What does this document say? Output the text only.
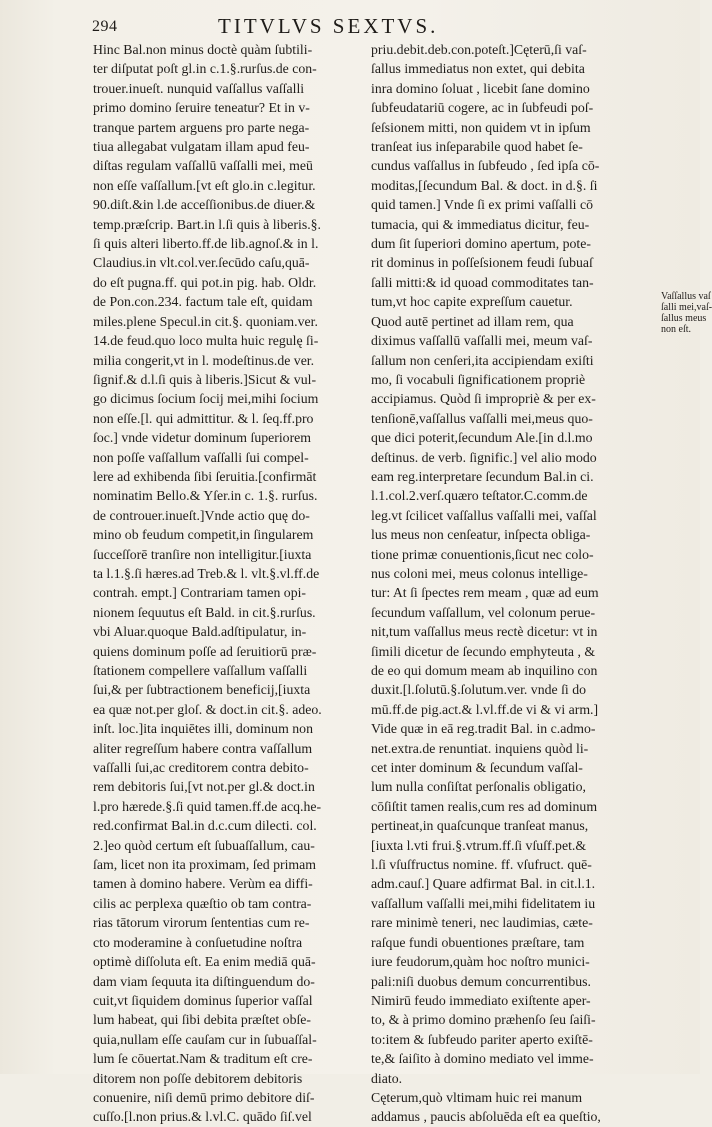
294	TITVLVS SEXTVS.
Hinc Bal.non minus doctè quàm ſubtili-
ter diſputat poſt gl.in c.1.§.rurſus.de con-
trouer.inueſt. nunquid vaſſallus vaſſalli
primo domino ſeruire teneatur? Et in v-
tranque partem arguens pro parte nega-
tiua allegabat vulgatam illam apud feu-
diſtas regulam vaſſallū vaſſalli mei, meū
non eſſe vaſſallum.[vt eſt glo.in c.legitur.
90.diſt.&in l.de acceſſionibus.de diuer.&
temp.præſcrip. Bart.in l.ſi quis à liberis.§.
ſi quis alteri liberto.ff.de lib.agnoſ.& in l.
Claudius.in vlt.col.ver.ſecūdo caſu,quā-
do eſt pugna.ff. qui pot.in pig. hab. Oldr.
de Pon.con.234. factum tale eſt, quidam
miles.plene Specul.in cit.§. quoniam.ver.
14.de feud.quo loco multa huic regulę ſi-
milia congerit,vt in l. modeſtinus.de ver.
ſignif.& d.l.ſi quis à liberis.]Sicut & vul-
go dicimus ſocium ſocij mei,mihi ſocium
non eſſe.[l. qui admittitur. & l. ſeq.ff.pro
ſoc.] vnde videtur dominum ſuperiorem
non poſſe vaſſallum vaſſalli ſui compel-
lere ad exhibenda ſibi ſeruitia.[confirmāt
nominatim Bello.& Yſer.in c. 1.§. rurſus.
de controuer.inueſt.]Vnde actio quę do-
mino ob feudum competit,in ſingularem
ſucceſſorē tranſire non intelligitur.[iuxta
ta l.1.§.ſi hæres.ad Treb.& l. vlt.§.vl.ff.de
contrah. empt.] Contrariam tamen opi-
nionem ſequutus eſt Bald. in cit.§.rurſus.
vbi Aluar.quoque Bald.adſtipulatur, in-
quiens dominum poſſe ad ſeruitiorū præ-
ſtationem compellere vaſſallum vaſſalli
ſui,& per ſubtractionem beneficij,[iuxta
ea quæ not.per gloſ. & doct.in cit.§. adeo.
inſt. loc.]ita inquiētes illi, dominum non
aliter regreſſum habere contra vaſſallum
vaſſalli ſui,ac creditorem contra debito-
rem debitoris ſui,[vt not.per gl.& doct.in
l.pro hærede.§.ſi quid tamen.ff.de acq.he-
red.confirmat Bal.in d.c.cum dilecti. col.
2.]eo quòd certum eſt ſubuaſſallum, cau-
ſam, licet non ita proximam, ſed primam
tamen à domino habere. Verùm ea diffi-
cilis ac perplexa quæſtio ob tam contra-
rias tātorum virorum ſententias cum re-
cto moderamine à conſuetudine noſtra
optimè diſſoluta eſt. Ea enim mediā quā-
dam viam ſequuta ita diſtinguendum do-
cuit,vt ſiquidem dominus ſuperior vaſſal
lum habeat, qui ſibi debita præſtet obſe-
quia,nullam eſſe cauſam cur in ſubuaſſal-
lum ſe cōuertat.Nam & traditum eſt cre-
ditorem non poſſe debitorem debitoris
conuenire, niſi demū primo debitore diſ-
cuſſo.[l.non prius.& l.vl.C. quādo ſiſ.vel
priu.debit.deb.con.poteſt.]Cęterū,ſi vaſ-
ſallus immediatus non extet, qui debita
inra domino ſoluat , licebit ſane domino
ſubfeudatariū cogere, ac in ſubfeudi poſ-
ſeſsionem mitti, non quidem vt in ipſum
tranſeat ius inſeparabile quod habet ſe-
cundus vaſſallus in ſubfeudo , ſed ipſa cō-
moditas,[ſecundum Bal. & doct. in d.§. ſi
quid tamen.] Vnde ſi ex primi vaſſalli cō
tumacia, qui & immediatus dicitur, feu-
dum ſit ſuperiori domino apertum, pote-
rit dominus in poſſeſsionem feudi ſubuaſ
ſalli mitti:& id quoad commoditates tan-
tum,vt hoc capite expreſſum cauetur.
Quod autē pertinet ad illam rem, qua
diximus vaſſallū vaſſalli mei, meum vaſ-
ſallum non cenſeri,ita accipiendam exiſti
mo, ſi vocabuli ſignificationem propriè
accipiamus. Quòd ſi impropriè & per ex-
tenſionē,vaſſallus vaſſalli mei,meus quo-
que dici poterit,ſecundum Ale.[in d.l.mo
deſtinus. de verb. ſignific.] vel alio modo
eam reg.interpretare ſecundum Bal.in ci.
l.1.col.2.verſ.quæro teſtator.C.comm.de
leg.vt ſcilicet vaſſallus vaſſalli mei, vaſſal
lus meus non cenſeatur, inſpecta obliga-
tione primæ conuentionis,ſicut nec colo-
nus coloni mei, meus colonus intellige-
tur: At ſi ſpectes rem meam , quæ ad eum
ſecundum vaſſallum, vel colonum perue-
nit,tum vaſſallus meus rectè dicetur: vt in
ſimili dicetur de ſecundo emphyteuta , &
de eo qui domum meam ab inquilino con
duxit.[l.ſolutū.§.ſolutum.ver. vnde ſi do
mū.ff.de pig.act.& l.vl.ff.de vi & vi arm.]
Vide quæ in eā reg.tradit Bal. in c.admo-
net.extra.de renuntiat. inquiens quòd li-
cet inter dominum & ſecundum vaſſal-
lum nulla conſiſtat perſonalis obligatio,
cōſiſtit tamen realis,cum res ad dominum
pertineat,in quaſcunque tranſeat manus,
[iuxta l.vti frui.§.vtrum.ff.ſi vſuſf.pet.&
l.ſi vſuſfructus nomine. ff. vſufruct. quē-
adm.cauſ.] Quare adfirmat Bal. in cit.l.1.
vaſſallum vaſſalli mei,mihi fidelitatem iu
rare minimè teneri, nec laudimias, cæte-
raſque fundi obuentiones præſtare, tam
iure feudorum,quàm hoc noſtro munici-
pali:niſi duobus demum concurrentibus.
Nimirū feudo immediato exiſtente aper-
to, & à primo domino præhenſo ſeu ſaiſi-
to:item & ſubfeudo pariter aperto exiſtē-
te,& ſaiſito à domino mediato vel imme-
diato.
Cęterum,quò vltimam huic rei manum
addamus , paucis abſoluēda eſt ea queſtio,
Vaſſallus vaſ
ſalli mei,vaſ-
ſallus meus
non eſt.
